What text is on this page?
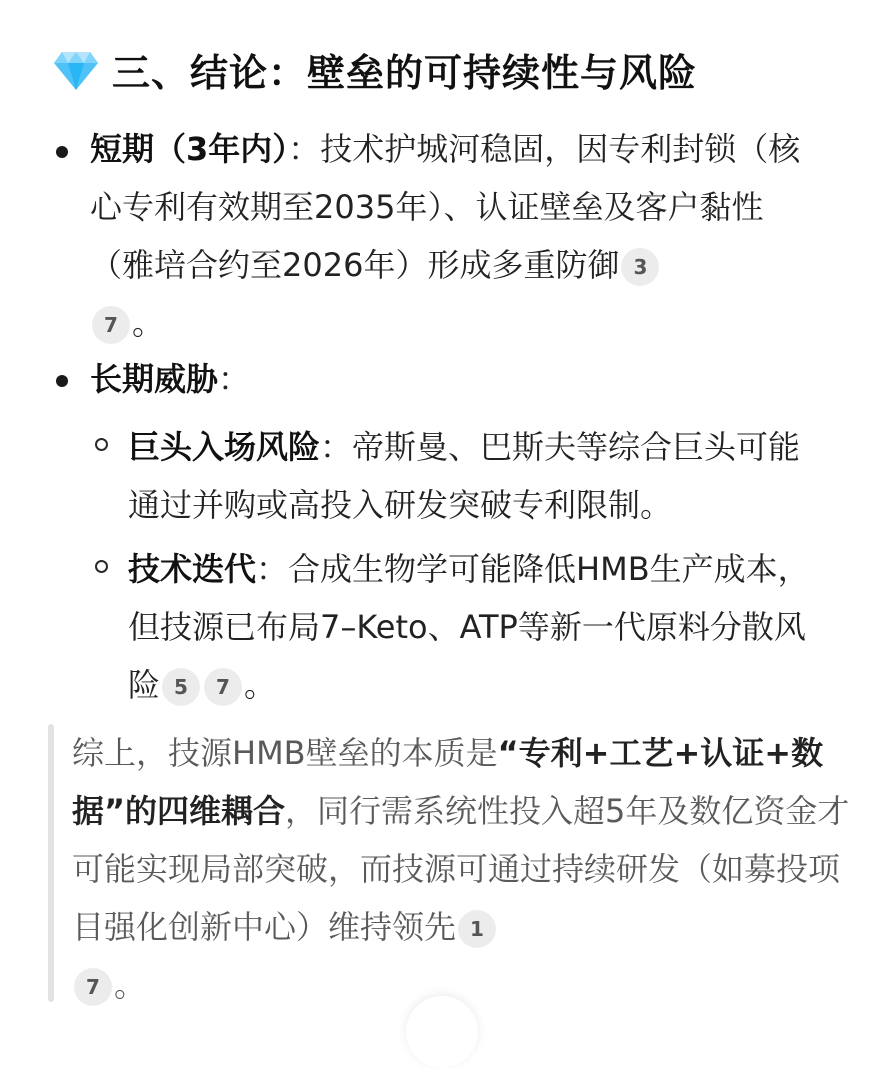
三、结论：壁垒的可持续性与风险
短期（3年内）：技术护城河稳固，因专利封锁（核心专利有效期至2035年）、认证壁垒及客户黏性（雅培合约至2026年）形成多重防御 3
7 。
长期威胁：
巨头入场风险：帝斯曼、巴斯夫等综合巨头可能通过并购或高投入研发突破专利限制。
技术迭代：合成生物学可能降低HMB生产成本，但技源已布局7–Keto、ATP等新一代原料分散风险 5 7 。
综上，技源HMB壁垒的本质是“专利+工艺+认证+数据”的四维耦合，同行需系统性投入超5年及数亿资金才可能实现局部突破，而技源可通过持续研发（如募投项目强化创新中心）维持领先 1
7 。
